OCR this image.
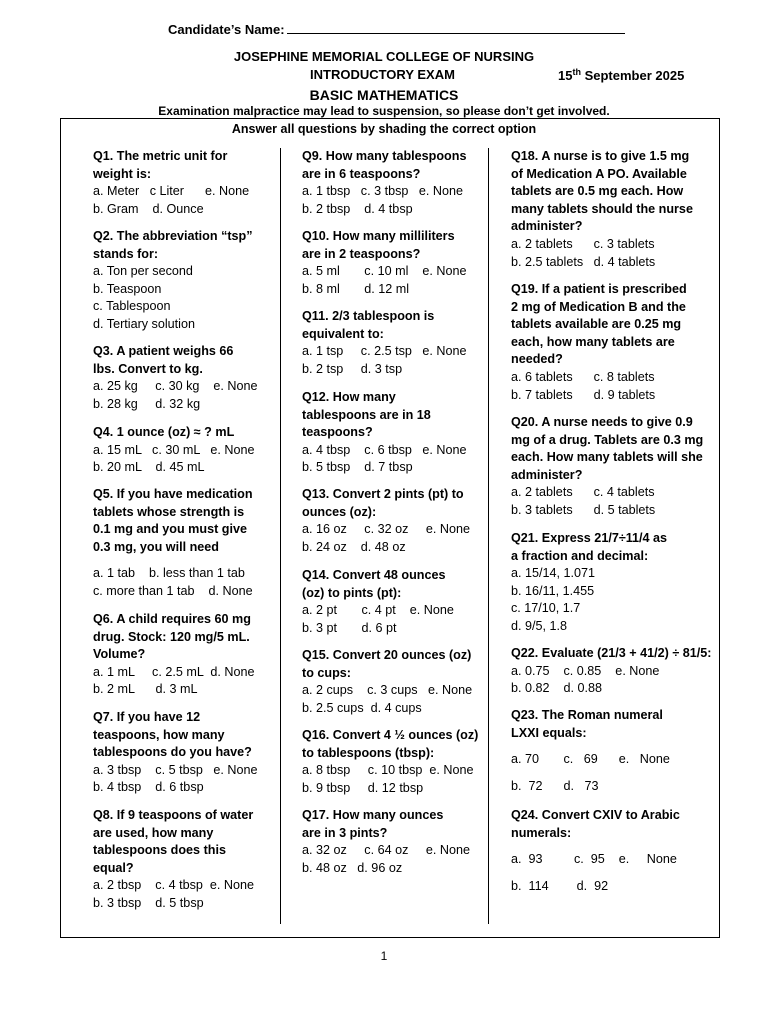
Candidate’s Name:
JOSEPHINE MEMORIAL COLLEGE OF NURSING
INTRODUCTORY EXAM	15th September 2025
BASIC MATHEMATICS
Examination malpractice may lead to suspension, so please don’t get involved.
Answer all questions by shading the correct option
Q1. The metric unit for
weight is:
a. Meter   c Liter      e. None
b. Gram    d. Ounce
Q2. The abbreviation “tsp”
stands for:
a. Ton per second
b. Teaspoon
c. Tablespoon
d. Tertiary solution
Q3. A patient weighs 66
lbs. Convert to kg.
a. 25 kg     c. 30 kg    e. None
b. 28 kg     d. 32 kg
Q4. 1 ounce (oz) ≈ ? mL
a. 15 mL   c. 30 mL   e. None
b. 20 mL    d. 45 mL
Q5. If you have medication
tablets whose strength is
0.1 mg and you must give
0.3 mg, you will need
a. 1 tab    b. less than 1 tab
c. more than 1 tab    d. None
Q6. A child requires 60 mg
drug. Stock: 120 mg/5 mL.
Volume?
a. 1 mL     c. 2.5 mL  d. None
b. 2 mL      d. 3 mL
Q7. If you have 12
teaspoons, how many
tablespoons do you have?
a. 3 tbsp    c. 5 tbsp   e. None
b. 4 tbsp    d. 6 tbsp
Q8. If 9 teaspoons of water
are used, how many
tablespoons does this
equal?
a. 2 tbsp    c. 4 tbsp  e. None
b. 3 tbsp    d. 5 tbsp
Q9. How many tablespoons
are in 6 teaspoons?
a. 1 tbsp   c. 3 tbsp   e. None
b. 2 tbsp    d. 4 tbsp
Q10. How many milliliters
are in 2 teaspoons?
a. 5 ml       c. 10 ml    e. None
b. 8 ml       d. 12 ml
Q11. 2/3 tablespoon is
equivalent to:
a. 1 tsp     c. 2.5 tsp   e. None
b. 2 tsp     d. 3 tsp
Q12. How many
tablespoons are in 18
teaspoons?
a. 4 tbsp    c. 6 tbsp   e. None
b. 5 tbsp    d. 7 tbsp
Q13. Convert 2 pints (pt) to
ounces (oz):
a. 16 oz     c. 32 oz     e. None
b. 24 oz    d. 48 oz
Q14. Convert 48 ounces
(oz) to pints (pt):
a. 2 pt       c. 4 pt    e. None
b. 3 pt       d. 6 pt
Q15. Convert 20 ounces (oz)
to cups:
a. 2 cups    c. 3 cups   e. None
b. 2.5 cups  d. 4 cups
Q16. Convert 4 ½ ounces (oz)
to tablespoons (tbsp):
a. 8 tbsp     c. 10 tbsp  e. None
b. 9 tbsp     d. 12 tbsp
Q17. How many ounces
are in 3 pints?
a. 32 oz     c. 64 oz     e. None
b. 48 oz   d. 96 oz
Q18. A nurse is to give 1.5 mg
of Medication A PO. Available
tablets are 0.5 mg each. How
many tablets should the nurse
administer?
a. 2 tablets      c. 3 tablets
b. 2.5 tablets   d. 4 tablets
Q19. If a patient is prescribed
2 mg of Medication B and the
tablets available are 0.25 mg
each, how many tablets are
needed?
a. 6 tablets      c. 8 tablets
b. 7 tablets      d. 9 tablets
Q20. A nurse needs to give 0.9
mg of a drug. Tablets are 0.3 mg
each. How many tablets will she
administer?
a. 2 tablets      c. 4 tablets
b. 3 tablets      d. 5 tablets
Q21. Express 21/7÷11/4 as
a fraction and decimal:
a. 15/14, 1.071
b. 16/11, 1.455
c. 17/10, 1.7
d. 9/5, 1.8
Q22. Evaluate (21/3 + 41/2) ÷ 81/5:
a. 0.75    c. 0.85    e. None
b. 0.82    d. 0.88
Q23. The Roman numeral
LXXI equals:
a. 70       c.   69      e.   None
b.  72      d.   73
Q24. Convert CXIV to Arabic
numerals:
a.  93         c.  95    e.     None
b.  114        d.  92
1
